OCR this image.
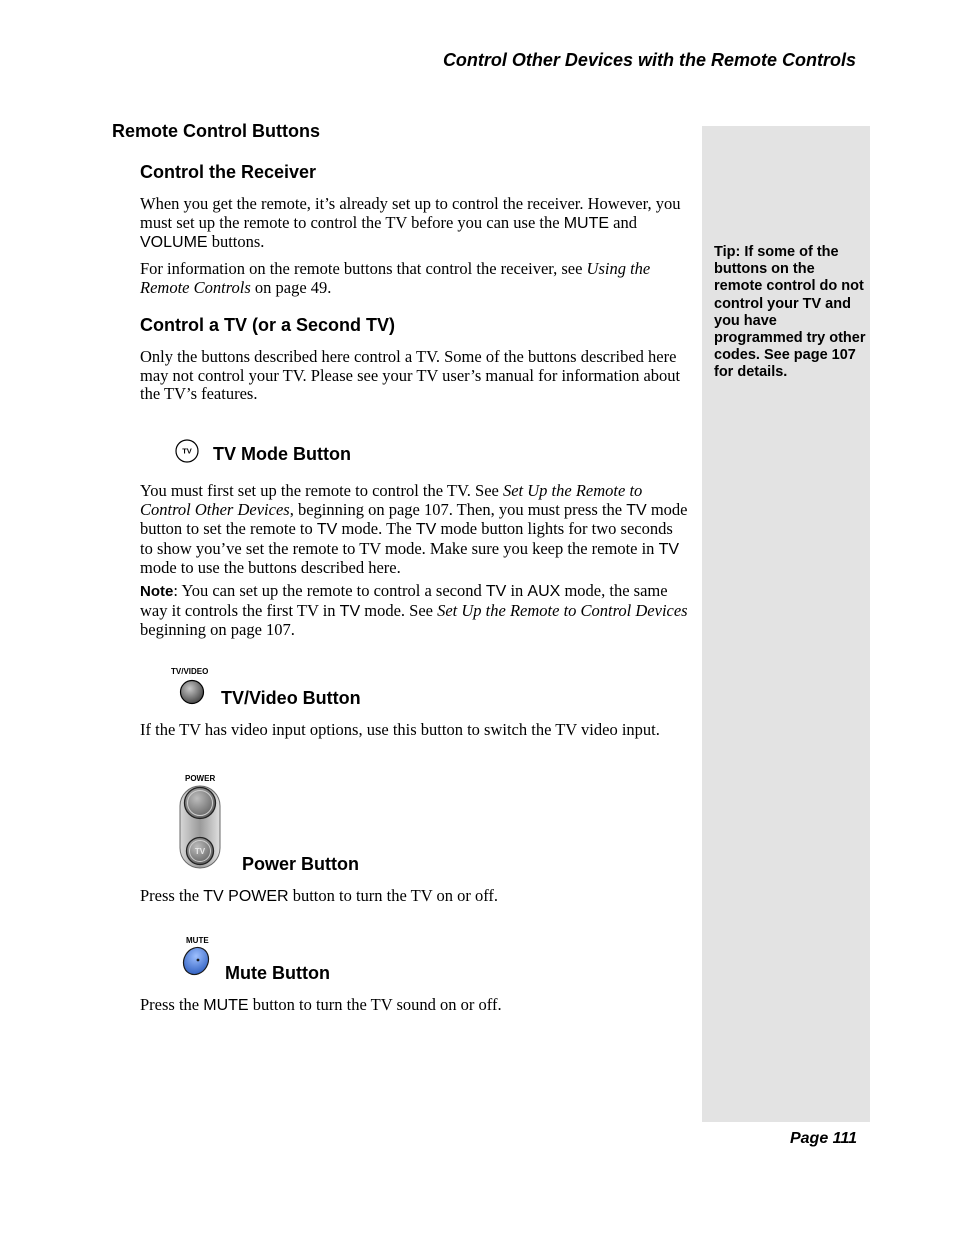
Control Other Devices with the Remote Controls
Page 111
Tip: If some of the buttons on the remote control do not control your TV and you have programmed try other codes. See page 107 for details.
Remote Control Buttons
Control the Receiver

When you get the remote, it’s already set up to control the receiver. However, you must set up the remote to control the TV before you can use the MUTE and VOLUME buttons.

For information on the remote buttons that control the receiver, see Using the Remote Controls on page 49.

Control a TV (or a Second TV)

Only the buttons described here control a TV. Some of the buttons described here may not control your TV. Please see your TV user’s manual for information about the TV’s features.

TV TV Mode Button

You must first set up the remote to control the TV. See Set Up the Remote to Control Other Devices, beginning on page 107. Then, you must press the TV mode button to set the remote to TV mode. The TV mode button lights for two seconds to show you’ve set the remote to TV mode. Make sure you keep the remote in TV mode to use the buttons described here.

Note: You can set up the remote to control a second TV in AUX mode, the same way it controls the first TV in TV mode. See Set Up the Remote to Control Devices beginning on page 107.

TV/VIDEO
TV/Video Button

If the TV has video input options, use this button to switch the TV video input.

POWER
TV
Power Button

Press the TV POWER button to turn the TV on or off.

MUTE
Mute Button

Press the MUTE button to turn the TV sound on or off.
